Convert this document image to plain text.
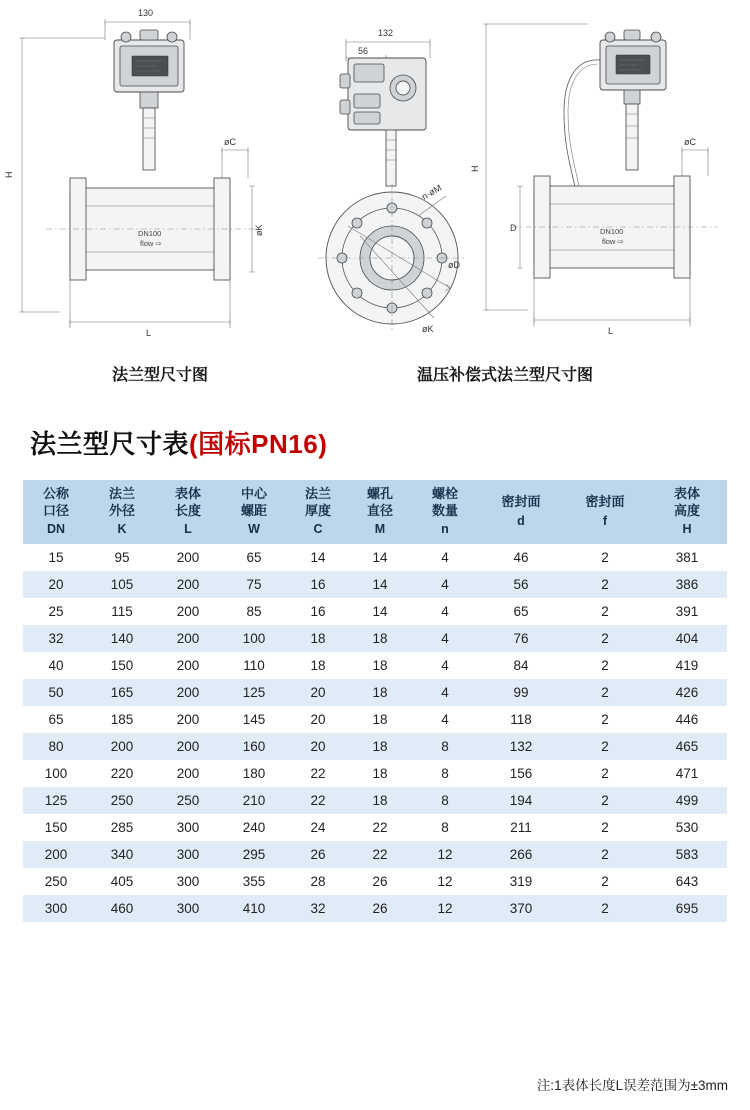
130
H
DN100
flow ⇨
øC
øK
L
132
56
n-øM
øD
øK
H
DN100
flow ⇨
D
øC
L
法兰型尺寸图	温压补偿式法兰型尺寸图
法兰型尺寸表(国标PN16)
公称
口径
DN	法兰
外径
K	表体
长度
L	中心
螺距
W	法兰
厚度
C	螺孔
直径
M	螺栓
数量
n	密封面
d	密封面
f	表体
高度
H

15	95	200	65	14	14	4	46	2	381
20	105	200	75	16	14	4	56	2	386
25	115	200	85	16	14	4	65	2	391
32	140	200	100	18	18	4	76	2	404
40	150	200	110	18	18	4	84	2	419
50	165	200	125	20	18	4	99	2	426
65	185	200	145	20	18	4	118	2	446
80	200	200	160	20	18	8	132	2	465
100	220	200	180	22	18	8	156	2	471
125	250	250	210	22	18	8	194	2	499
150	285	300	240	24	22	8	211	2	530
200	340	300	295	26	22	12	266	2	583
250	405	300	355	28	26	12	319	2	643
300	460	300	410	32	26	12	370	2	695
注:1表体长度L误差范围为±3mm
